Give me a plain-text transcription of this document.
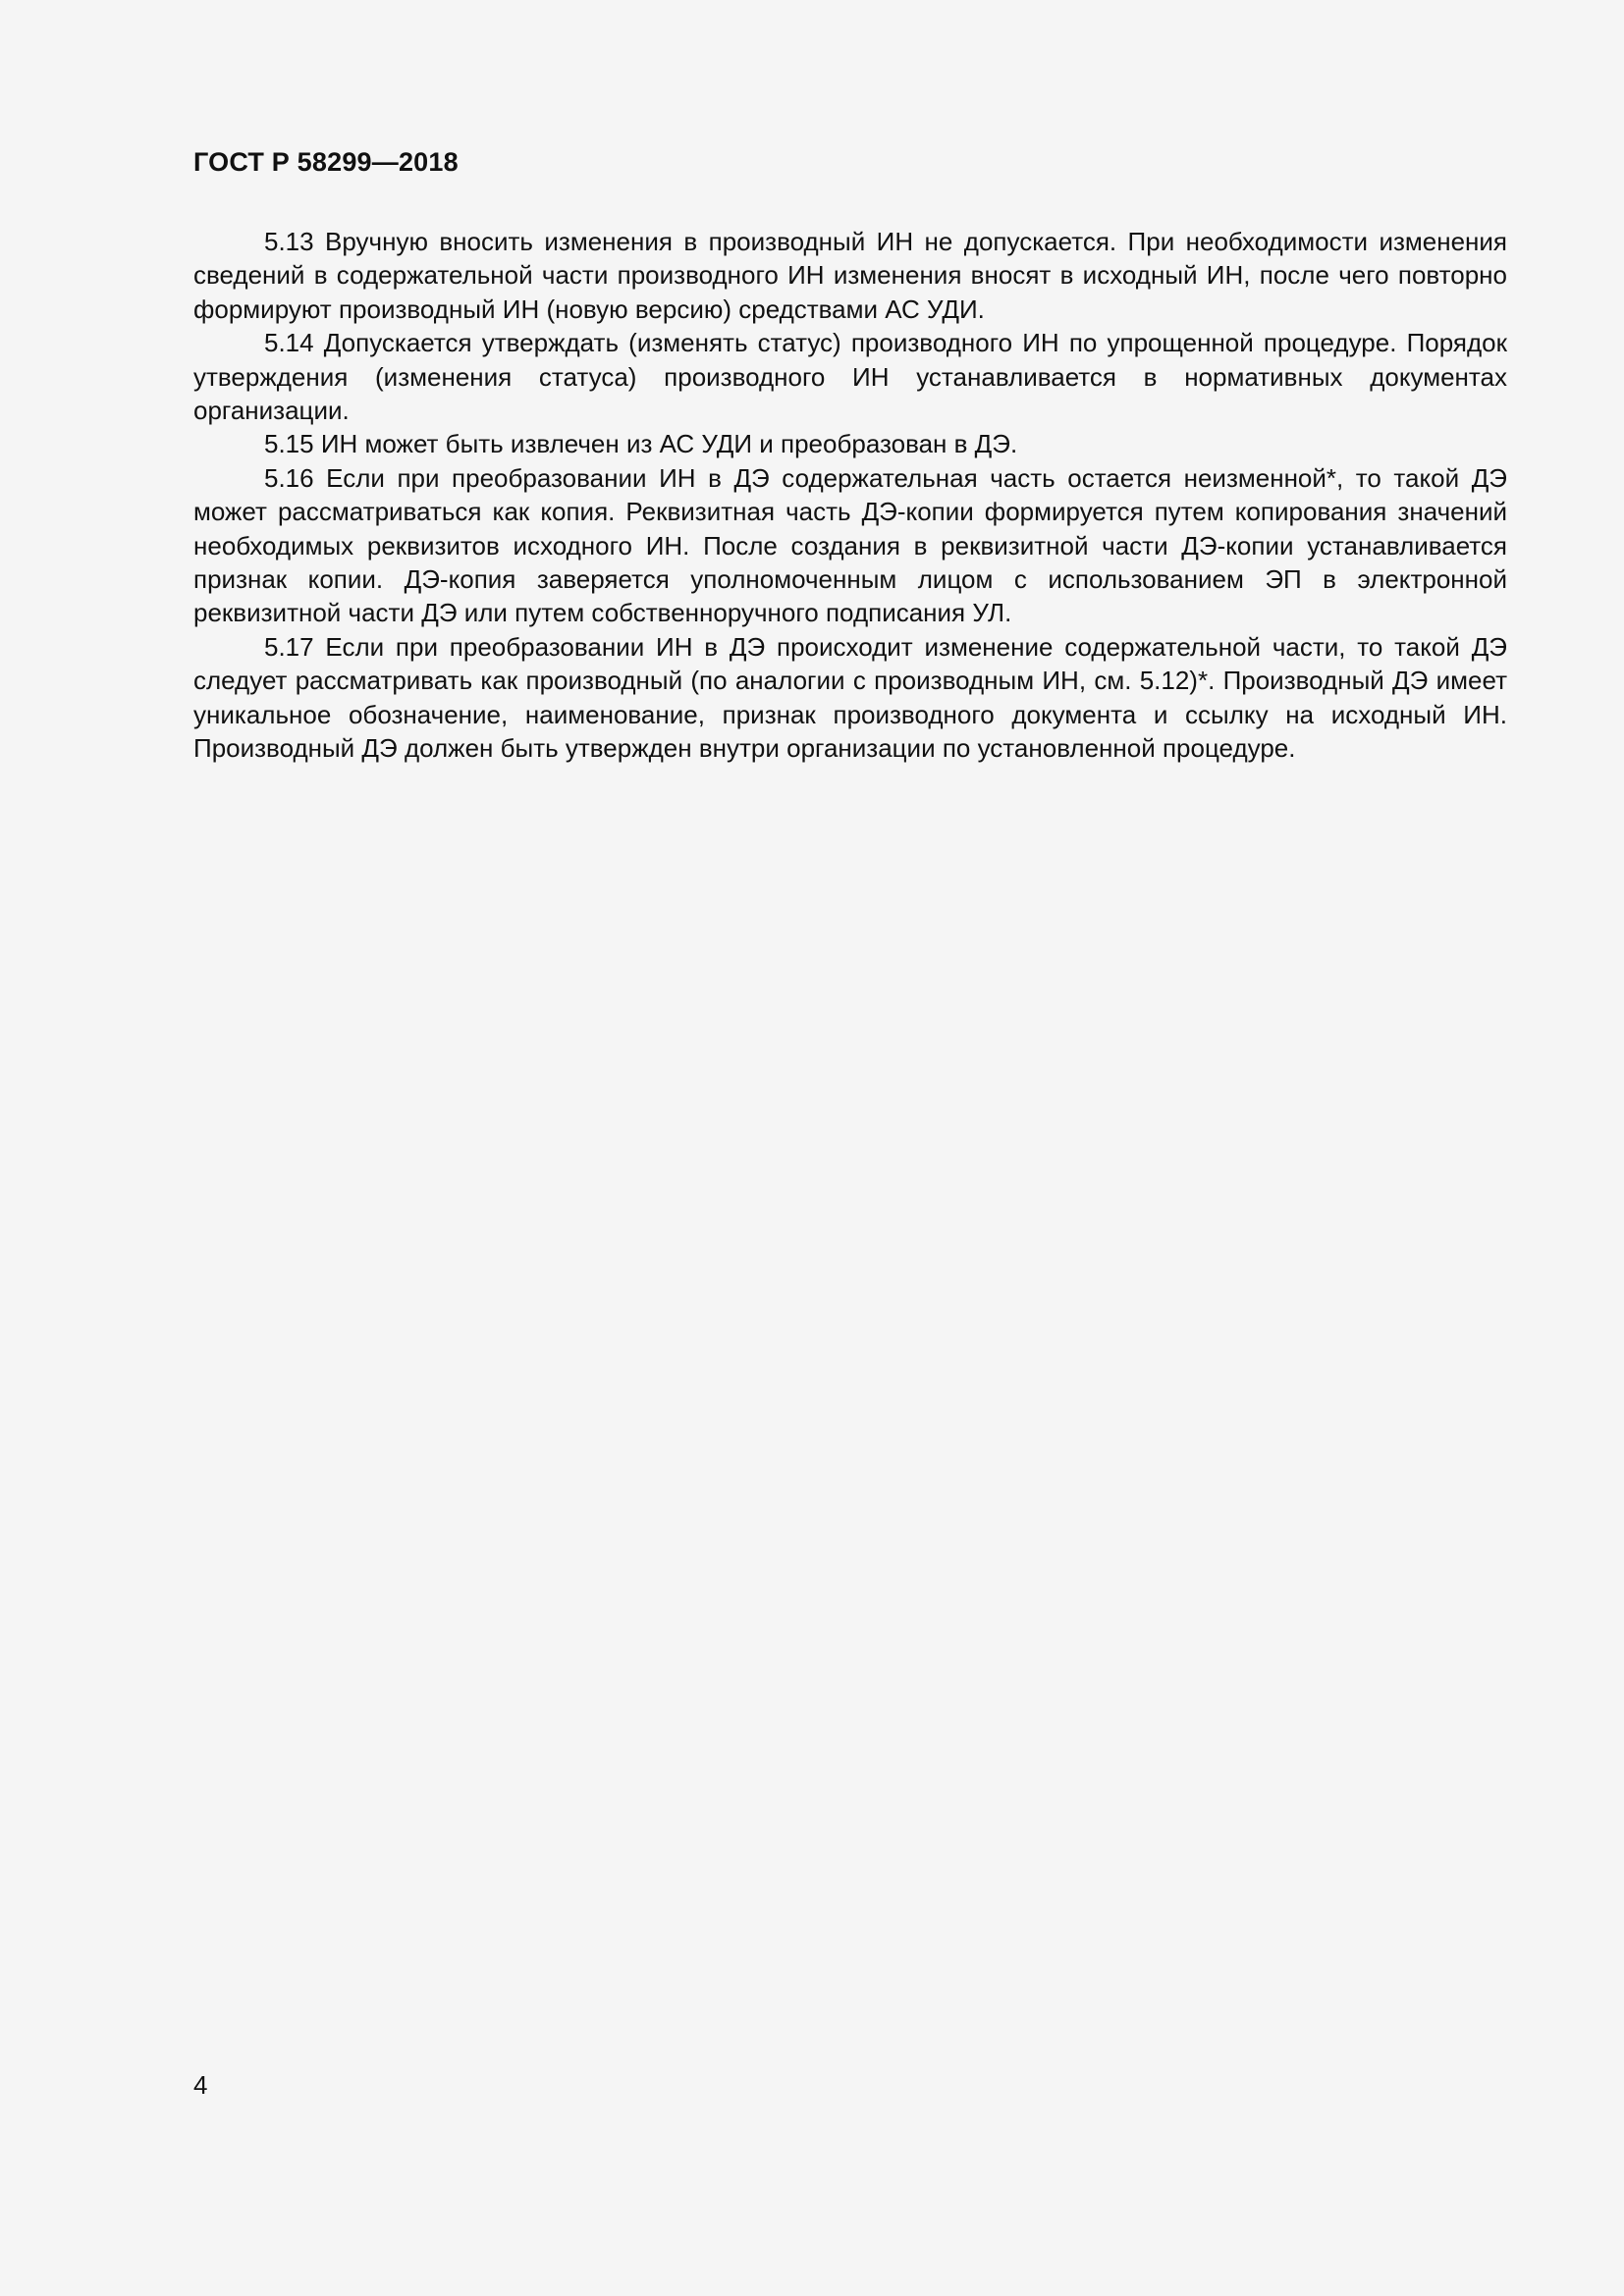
ГОСТ Р 58299—2018

5.13 Вручную вносить изменения в производный ИН не допускается. При необходимости изменения сведений в содержательной части производного ИН изменения вносят в исходный ИН, после чего повторно формируют производный ИН (новую версию) средствами АС УДИ.

5.14 Допускается утверждать (изменять статус) производного ИН по упрощенной процедуре. Порядок утверждения (изменения статуса) производного ИН устанавливается в нормативных документах организации.

5.15 ИН может быть извлечен из АС УДИ и преобразован в ДЭ.

5.16 Если при преобразовании ИН в ДЭ содержательная часть остается неизменной*, то такой ДЭ может рассматриваться как копия. Реквизитная часть ДЭ-копии формируется путем копирования значений необходимых реквизитов исходного ИН. После создания в реквизитной части ДЭ-копии устанавливается признак копии. ДЭ-копия заверяется уполномоченным лицом с использованием ЭП в электронной реквизитной части ДЭ или путем собственноручного подписания УЛ.

5.17 Если при преобразовании ИН в ДЭ происходит изменение содержательной части, то такой ДЭ следует рассматривать как производный (по аналогии с производным ИН, см. 5.12)*. Производный ДЭ имеет уникальное обозначение, наименование, признак производного документа и ссылку на исходный ИН. Производный ДЭ должен быть утвержден внутри организации по установленной процедуре.

4
